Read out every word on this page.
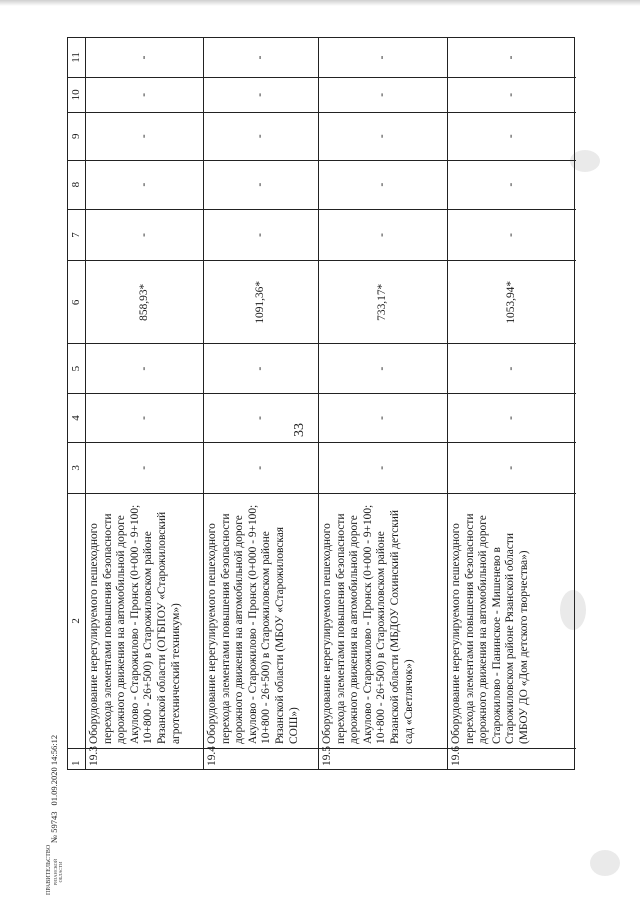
33
1
2
3
4
5
6
7
8
9
10
11
19.3
Оборудование нерегулируемого пешеходного перехода элементами повышения безопасности дорожного движения на автомобильной дороге Акулово - Старожилово - Пронск (0+000 - 9+100; 10+800 - 26+500) в Старожиловском районе Рязанской области (ОГБПОУ «Старожиловский агротехнический техникум»)
-
-
-
858,93*
-
-
-
-
-
19.4
Оборудование нерегулируемого пешеходного перехода элементами повышения безопасности дорожного движения на автомобильной дороге Акулово - Старожилово - Пронск (0+000 - 9+100; 10+800 - 26+500) в Старожиловском районе Рязанской области (МБОУ «Старожиловская СОШ»)
-
-
-
1091,36*
-
-
-
-
-
19.5
Оборудование нерегулируемого пешеходного перехода элементами повышения безопасности дорожного движения на автомобильной дороге Акулово - Старожилово - Пронск (0+000 - 9+100; 10+800 - 26+500) в Старожиловском районе Рязанской области (МБДОУ Сохинский детский сад «Светлячок»)
-
-
-
733,17*
-
-
-
-
-
19.6
Оборудование нерегулируемого пешеходного перехода элементами повышения безопасности дорожного движения на автомобильной дороге Старожилово - Панинское - Мишенево в Старожиловском районе Рязанской области (МБОУ ДО «Дом детского творчества»)
-
-
-
1053,94*
-
-
-
-
-
ПРАВИТЕЛЬСТВО РЯЗАНСКОЙ ОБЛАСТИ
№ 59743
01.09.2020 14:56:12
